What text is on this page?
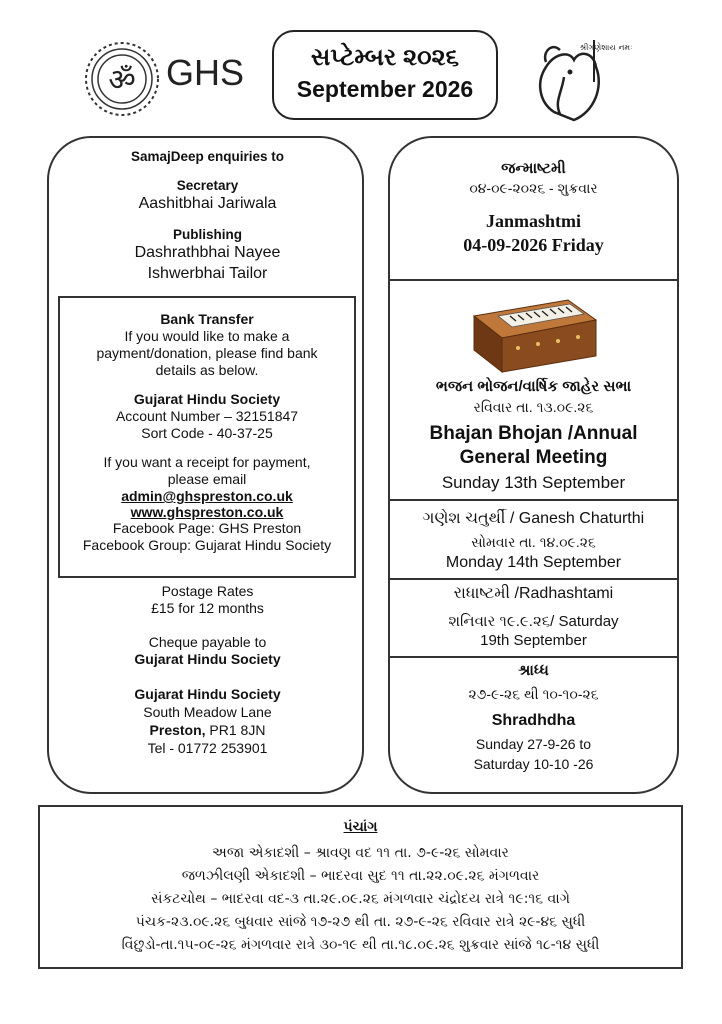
ॐ GHS	સપ્ટેમ્બર ૨૦૨૬
September 2026
શ્રીગણેશાય નમઃ
SamajDeep enquiries to
Secretary
Aashitbhai Jariwala
Publishing
Dashrathbhai Nayee
Ishwerbhai Tailor
Bank Transfer
If you would like to make a
payment/donation, please find bank
details as below.
Gujarat Hindu Society
Account Number – 32151847
Sort Code - 40-37-25
If you want a receipt for payment,
please email
admin@ghspreston.co.uk
www.ghspreston.co.uk
Facebook Page: GHS Preston
Facebook Group: Gujarat Hindu Society
Postage Rates
£15 for 12 months
Cheque payable to
Gujarat Hindu Society
Gujarat Hindu Society
South Meadow Lane
Preston, PR1 8JN
Tel - 01772 253901
જન્માષ્ટમી
૦૪-૦૯-૨૦૨૬ - શુક્રવાર
Janmashtmi
04-09-2026 Friday
ભજન ભોજન/વાર્ષિક જાહેર સભા
રવિવાર તા. ૧૩.૦૯.૨૬
Bhajan Bhojan /Annual
General Meeting
Sunday 13th September
ગણેશ ચતુર્થી / Ganesh Chaturthi
સોમવાર તા. ૧૪.૦૯.૨૬
Monday 14th September
રાધાષ્ટમી /Radhashtami
શનિવાર ૧૯.૯.૨૬/ Saturday
19th September
શ્રાધ્ધ
૨૭-૯-૨૬ થી ૧૦-૧૦-૨૬
Shradhdha
Sunday 27-9-26 to
Saturday 10-10 -26
પંચાંગ
અજા એકાદશી – શ્રાવણ વદ ૧૧ તા. ૭-૯-૨૬ સોમવાર
જળઝીલણી એકાદશી – ભાદરવા સુદ ૧૧ તા.૨૨.૦૯.૨૬ મંગળવાર
સંકટચોથ – ભાદરવા વદ-૩ તા.૨૯.૦૯.૨૬ મંગળવાર ચંદ્રોદય રાત્રે ૧૯:૧૬ વાગે
પંચક-૨૩.૦૯.૨૬ બુધવાર સાંજે ૧૭-૨૭ થી તા. ૨૭-૯-૨૬ રવિવાર રાત્રે ૨૯-૪૬ સુધી
વિંછુડો-તા.૧૫-૦૯-૨૬ મંગળવાર રાત્રે ૩૦-૧૯ થી તા.૧૮.૦૯.૨૬ શુક્રવાર સાંજે ૧૮-૧૪ સુધી
